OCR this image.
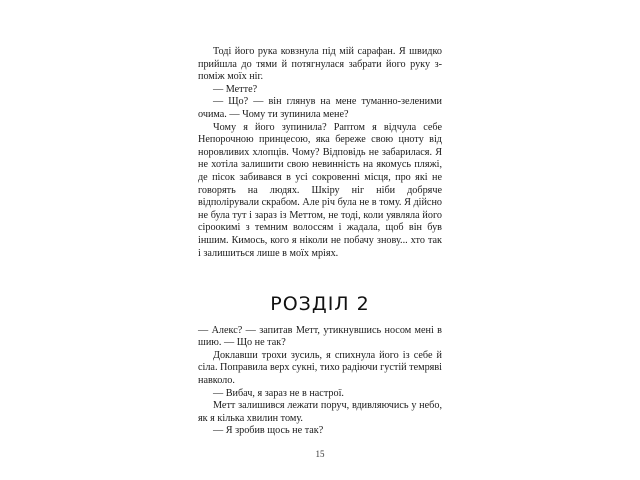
Тоді його рука ковзнула під мій сарафан. Я швидко прийшла до тями й потягнулася забрати його руку з-поміж моїх ніг.

— Метте?

— Що? — він глянув на мене туманно-зеленими очима. — Чому ти зупинила мене?

Чому я його зупинила? Раптом я відчула себе Непорочною принцесою, яка береже свою цноту від норовливих хлопців. Чому? Відповідь не забарилася. Я не хотіла залишити свою невинність на якомусь пляжі, де пісок забивався в усі сокровенні місця, про які не говорять на людях. Шкіру ніг ніби добряче відполірували скрабом. Але річ була не в тому. Я дійсно не була тут і зараз із Меттом, не тоді, коли уявляла його сіроокимі з темним волоссям і жадала, щоб він був іншим. Кимось, кого я ніколи не побачу знову... хто так і залишиться лише в моїх мріях.

РОЗДІЛ 2

— Алекс? — запитав Метт, утикнувшись носом мені в шию. — Що не так?

Доклавши трохи зусиль, я спихнула його із себе й сіла. Поправила верх сукні, тихо радіючи густій темряві навколо.

— Вибач, я зараз не в настрої.

Метт залишився лежати поруч, вдивляючись у небо, як я кілька хвилин тому.

— Я зробив щось не так?

15
